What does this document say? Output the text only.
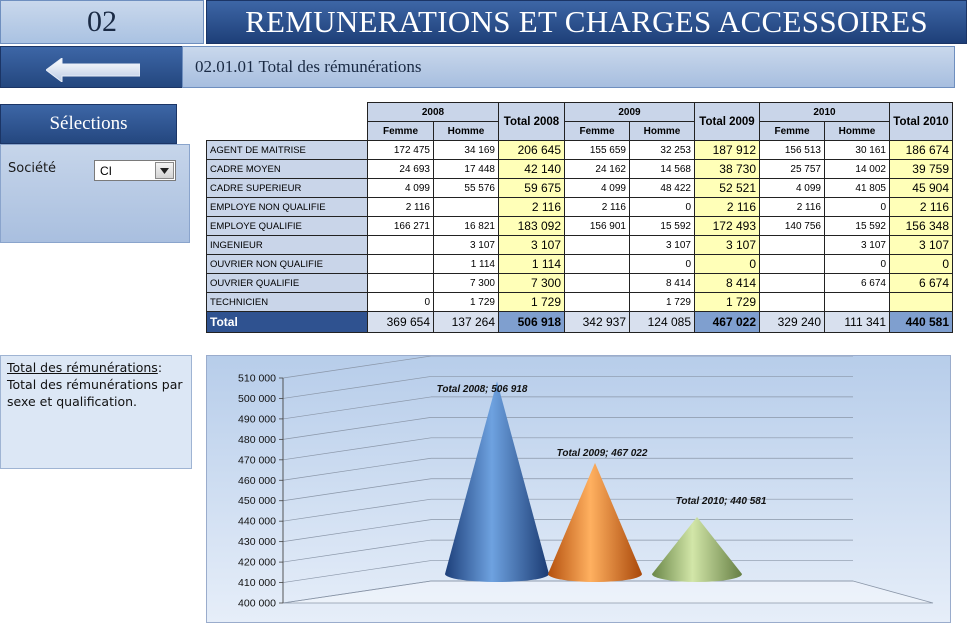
02	REMUNERATIONS ET CHARGES ACCESSOIRES
02.01.01 Total des rémunérations
Sélections
Société	CI
Total des rémunérations:
Total des rémunérations par sexe et qualification.
	2008		Total 2008	2009		Total 2009	2010		Total 2010
	Femme	Homme		Femme	Homme		Femme	Homme	
AGENT DE MAITRISE	172 475	34 169	206 645	155 659	32 253	187 912	156 513	30 161	186 674
CADRE MOYEN	24 693	17 448	42 140	24 162	14 568	38 730	25 757	14 002	39 759
CADRE SUPERIEUR	4 099	55 576	59 675	4 099	48 422	52 521	4 099	41 805	45 904
EMPLOYE NON QUALIFIE	2 116		2 116	2 116	0	2 116	2 116	0	2 116
EMPLOYE QUALIFIE	166 271	16 821	183 092	156 901	15 592	172 493	140 756	15 592	156 348
INGENIEUR		3 107	3 107		3 107	3 107		3 107	3 107
OUVRIER NON QUALIFIE		1 114	1 114		0	0		0	0
OUVRIER QUALIFIE		7 300	7 300		8 414	8 414		6 674	6 674
TECHNICIEN	0	1 729	1 729		1 729	1 729			
Total	369 654	137 264	506 918	342 937	124 085	467 022	329 240	111 341	440 581
510 000
500 000
490 000
480 000
470 000
460 000
450 000
440 000
430 000
420 000
410 000
400 000
Total 2008; 506 918
Total 2009; 467 022
Total 2010; 440 581
